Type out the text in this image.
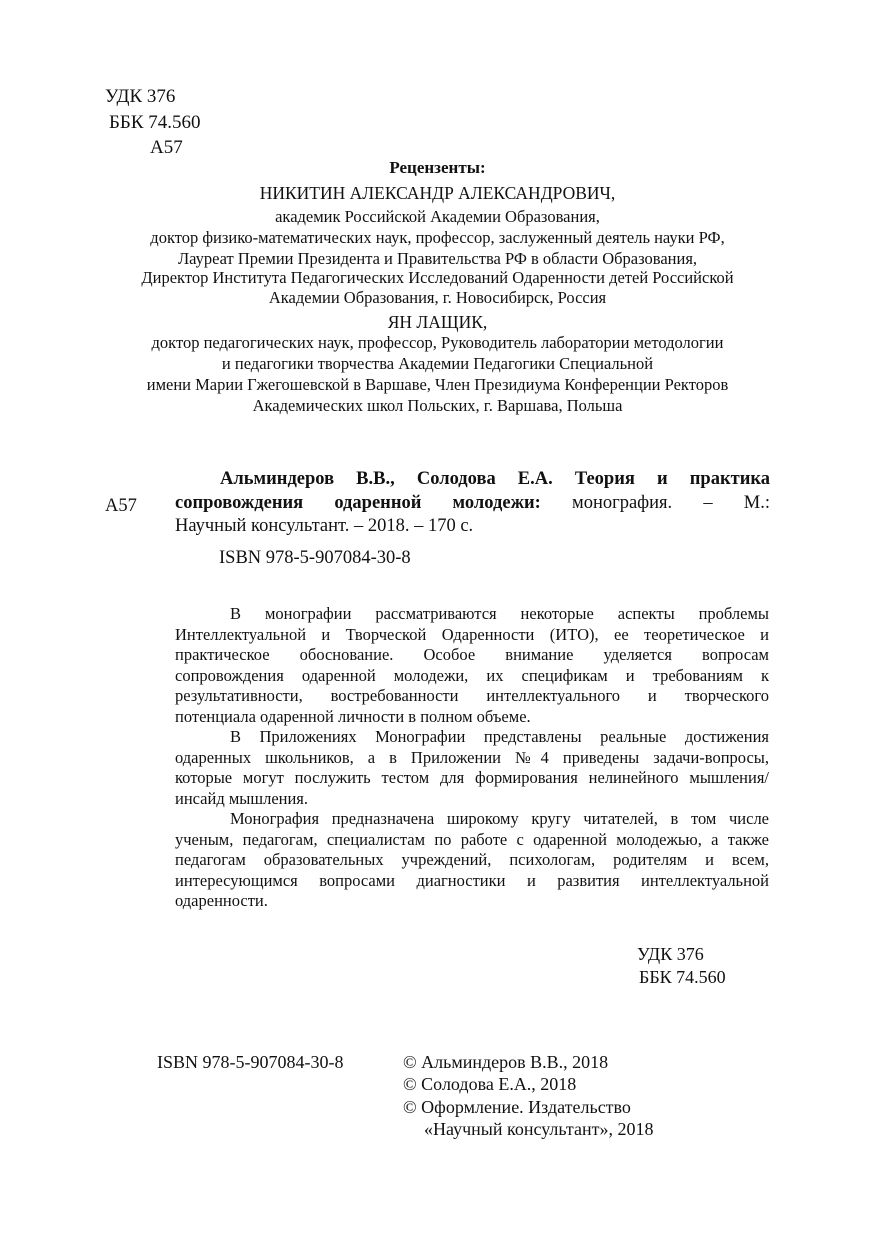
УДК 376
ББК 74.560
А57
Рецензенты:
НИКИТИН АЛЕКСАНДР АЛЕКСАНДРОВИЧ,
академик Российской Академии Образования,
доктор физико-математических наук, профессор, заслуженный деятель науки РФ,
Лауреат Премии Президента и Правительства РФ в области Образования,
Директор Института Педагогических Исследований Одаренности детей Российской
Академии Образования, г. Новосибирск, Россия
ЯН ЛАЩИК,
доктор педагогических наук, профессор, Руководитель лаборатории методологии
и педагогики творчества Академии Педагогики Специальной
имени Марии Гжегошевской в Варшаве, Член Президиума Конференции Ректоров
Академических школ Польских, г. Варшава, Польша
А57
Альминдеров В.В., Солодова Е.А. Теория и практика
сопровождения одаренной молодежи: монография. – М.:
Научный консультант. – 2018. – 170 с.
ISBN 978-5-907084-30-8
В монографии рассматриваются некоторые аспекты проблемы
Интеллектуальной и Творческой Одаренности (ИТО), ее теоретическое и
практическое обоснование. Особое внимание уделяется вопросам
сопровождения одаренной молодежи, их спецификам и требованиям к
результативности, востребованности интеллектуального и творческого
потенциала одаренной личности в полном объеме.
В Приложениях Монографии представлены реальные достижения
одаренных школьников, а в Приложении №4 приведены задачи-вопросы,
которые могут послужить тестом для формирования нелинейного мышления/
инсайд мышления.
Монография предназначена широкому кругу читателей, в том числе
ученым, педагогам, специалистам по работе с одаренной молодежью, а также
педагогам образовательных учреждений, психологам, родителям и всем,
интересующимся вопросами диагностики и развития интеллектуальной
одаренности.
УДК 376
ББК 74.560
ISBN 978-5-907084-30-8	© Альминдеров В.В., 2018
© Солодова Е.А., 2018
© Оформление. Издательство
«Научный консультант», 2018
